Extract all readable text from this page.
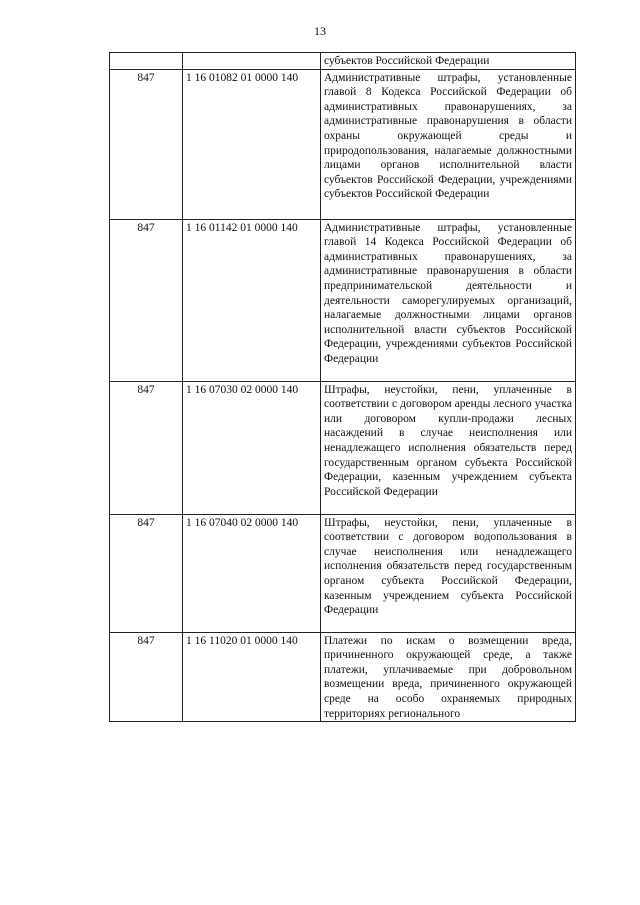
13
		субъектов Российской Федерации
847	1 16 01082 01 0000 140	Административные штрафы, установленные главой 8 Кодекса Российской Федерации об административных правонарушениях, за административные правонарушения в области охраны окружающей среды и природопользования, налагаемые должностными лицами органов исполнительной власти субъектов Российской Федерации, учреждениями субъектов Российской Федерации
847	1 16 01142 01 0000 140	Административные штрафы, установленные главой 14 Кодекса Российской Федерации об административных правонарушениях, за административные правонарушения в области предпринимательской деятельности и деятельности саморегулируемых организаций, налагаемые должностными лицами органов исполнительной власти субъектов Российской Федерации, учреждениями субъектов Российской Федерации
847	1 16 07030 02 0000 140	Штрафы, неустойки, пени, уплаченные в соответствии с договором аренды лесного участка или договором купли-продажи лесных насаждений в случае неисполнения или ненадлежащего исполнения обязательств перед государственным органом субъекта Российской Федерации, казенным учреждением субъекта Российской Федерации
847	1 16 07040 02 0000 140	Штрафы, неустойки, пени, уплаченные в соответствии с договором водопользования в случае неисполнения или ненадлежащего исполнения обязательств перед государственным органом субъекта Российской Федерации, казенным учреждением субъекта Российской Федерации
847	1 16 11020 01 0000 140	Платежи по искам о возмещении вреда, причиненного окружающей среде, а также платежи, уплачиваемые при добровольном возмещении вреда, причиненного окружающей среде на особо охраняемых природных территориях регионального
